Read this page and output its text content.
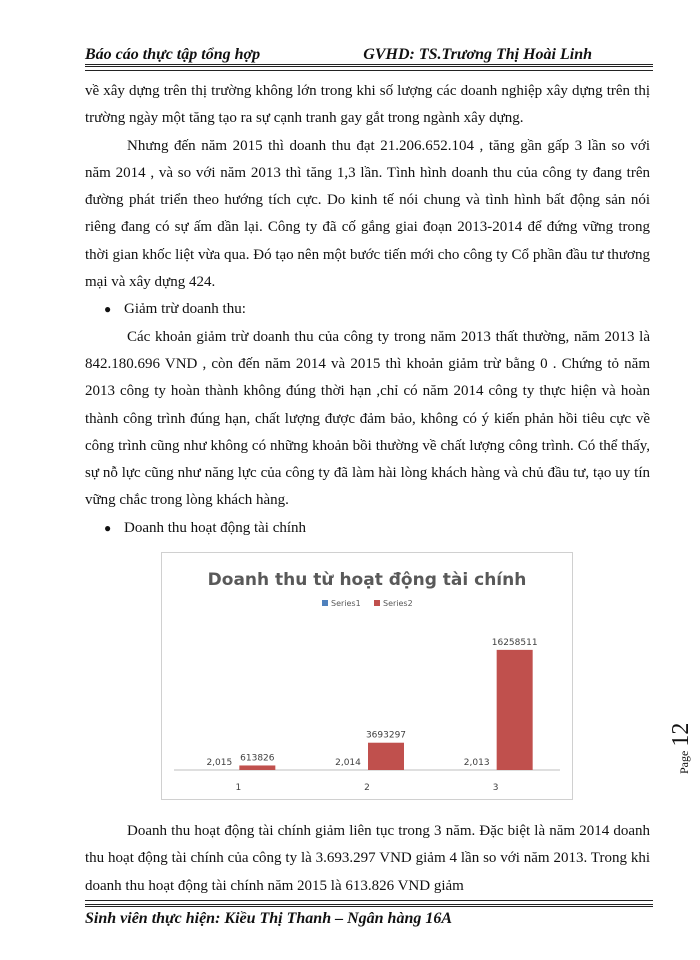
Báo cáo thực tập tổng hợp	GVHD: TS.Trương Thị Hoài Linh

về xây dựng trên thị trường không lớn trong khi số lượng các doanh nghiệp xây dựng trên thị trường ngày một tăng tạo ra sự cạnh tranh gay gắt trong ngành xây dựng.

Nhưng đến năm 2015 thì doanh thu đạt 21.206.652.104 , tăng gần gấp 3 lần so với năm 2014 , và so với năm 2013 thì tăng 1,3 lần. Tình hình doanh thu của công ty đang trên đường phát triển theo hướng tích cực. Do kinh tế nói chung và tình hình bất động sản nói riêng đang có sự ấm dần lại. Công ty đã cố gắng giai đoạn 2013-2014 để đứng vững trong thời gian khốc liệt vừa qua. Đó tạo nên một bước tiến mới cho công ty Cổ phần đầu tư thương mại và xây dựng 424.

● Giảm trừ doanh thu:

Các khoản giảm trừ doanh thu của công ty trong năm 2013 thất thường, năm 2013 là 842.180.696 VND , còn đến năm 2014 và 2015 thì khoản giảm trừ bằng 0 . Chứng tỏ năm 2013 công ty hoàn thành không đúng thời hạn ,chỉ có năm 2014 công ty thực hiện và hoàn thành công trình đúng hạn, chất lượng được đảm bảo, không có ý kiến phản hồi tiêu cực về công trình cũng như không có những khoản bồi thường về chất lượng công trình. Có thể thấy, sự nỗ lực cũng như năng lực của công ty đã làm hài lòng khách hàng và chủ đầu tư, tạo uy tín vững chắc trong lòng khách hàng.

● Doanh thu hoạt động tài chính

Doanh thu hoạt động tài chính giảm liên tục trong 3 năm. Đặc biệt là năm 2014 doanh thu hoạt động tài chính của công ty là 3.693.297 VND giảm 4 lần so với năm 2013. Trong khi doanh thu hoạt động tài chính năm 2015 là 613.826 VND giảm

Doanh thu từ hoạt động tài chính
Series1	Series2
2,015 613826
1
2,014
3693297
2
2,013
16258511
3
Page 12
Sinh viên thực hiện: Kiều Thị Thanh – Ngân hàng 16A
